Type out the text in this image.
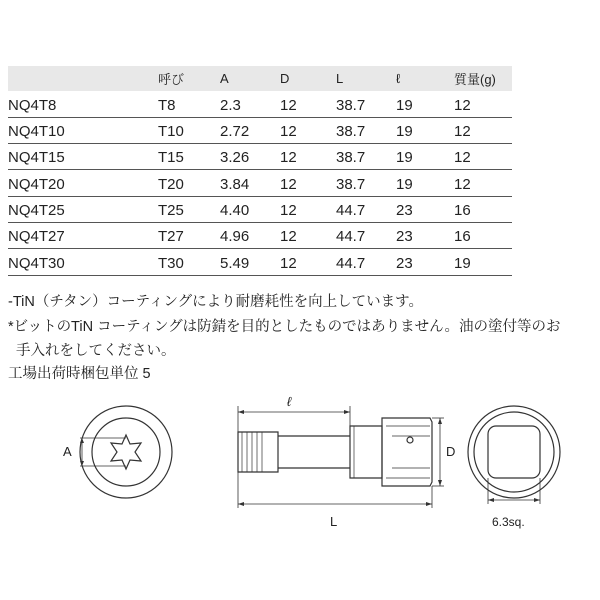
	呼び	A	D	L	ℓ	質量(g)
NQ4T8	T8	2.3	12	38.7	19	12
NQ4T10	T10	2.72	12	38.7	19	12
NQ4T15	T15	3.26	12	38.7	19	12
NQ4T20	T20	3.84	12	38.7	19	12
NQ4T25	T25	4.40	12	44.7	23	16
NQ4T27	T27	4.96	12	44.7	23	16
NQ4T30	T30	5.49	12	44.7	23	19
-TiN（チタン）コーティングにより耐磨耗性を向上しています。
*ビットのTiN コーティングは防錆を目的としたものではありません。油の塗付等のお
手入れをしてください。
工場出荷時梱包単位 5
A
ℓ
D
L	6.3sq.
